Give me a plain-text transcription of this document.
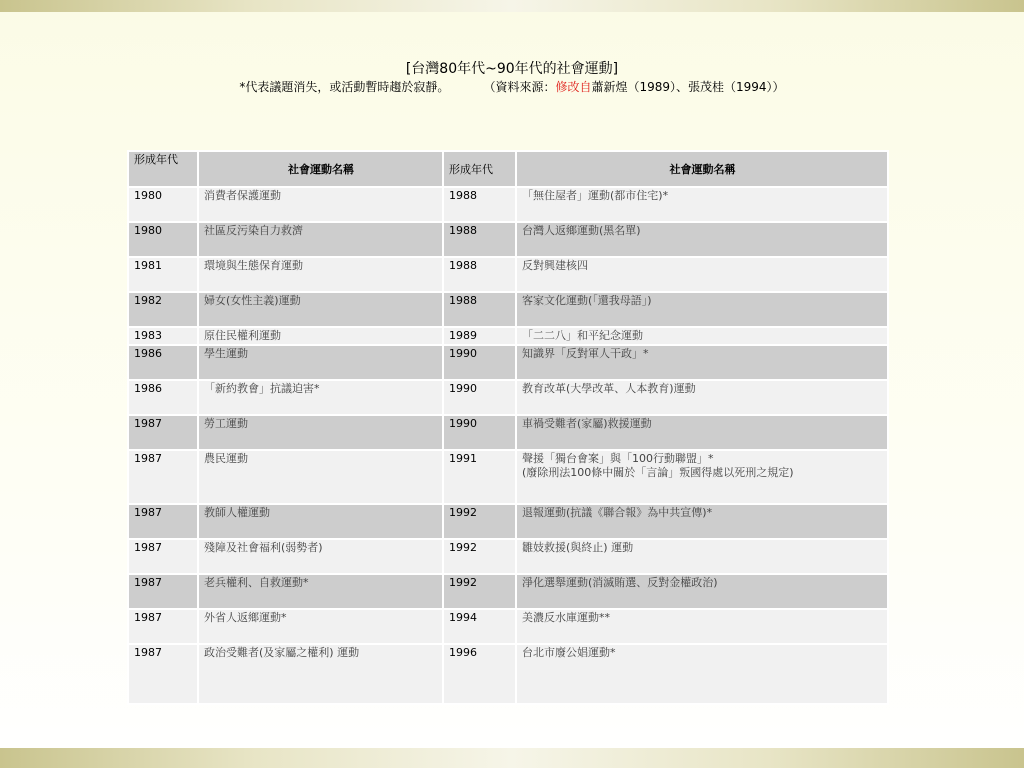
[台灣80年代~90年代的社會運動]
*代表議題消失，或活動暫時趨於寂靜。	（資料來源：修改自蕭新煌（1989）、張茂桂（1994））
形成年代	社會運動名稱	形成年代	社會運動名稱
1980	消費者保護運動	1988	「無住屋者」運動(都市住宅)*
1980	社區反污染自力救濟	1988	台灣人返鄉運動(黑名單)
1981	環境與生態保育運動	1988	反對興建核四
1982	婦女(女性主義)運動	1988	客家文化運動(「還我母語」)
1983	原住民權利運動	1989	「二二八」和平紀念運動
1986	學生運動	1990	知識界「反對軍人干政」*
1986	「新約教會」抗議迫害*	1990	教育改革(大學改革、人本教育)運動
1987	勞工運動	1990	車禍受難者(家屬)救援運動
1987	農民運動	1991	聲援「獨台會案」與「100行動聯盟」*
(廢除刑法100條中關於「言論」叛國得處以死刑之規定)
1987	教師人權運動	1992	退報運動(抗議《聯合報》為中共宣傳)*
1987	殘障及社會福利(弱勢者)	1992	雛妓救援(與終止) 運動
1987	老兵權利、自救運動*	1992	淨化選舉運動(消滅賄選、反對金權政治)
1987	外省人返鄉運動*	1994	美濃反水庫運動**
1987	政治受難者(及家屬之權利) 運動	1996	台北市廢公娼運動*
